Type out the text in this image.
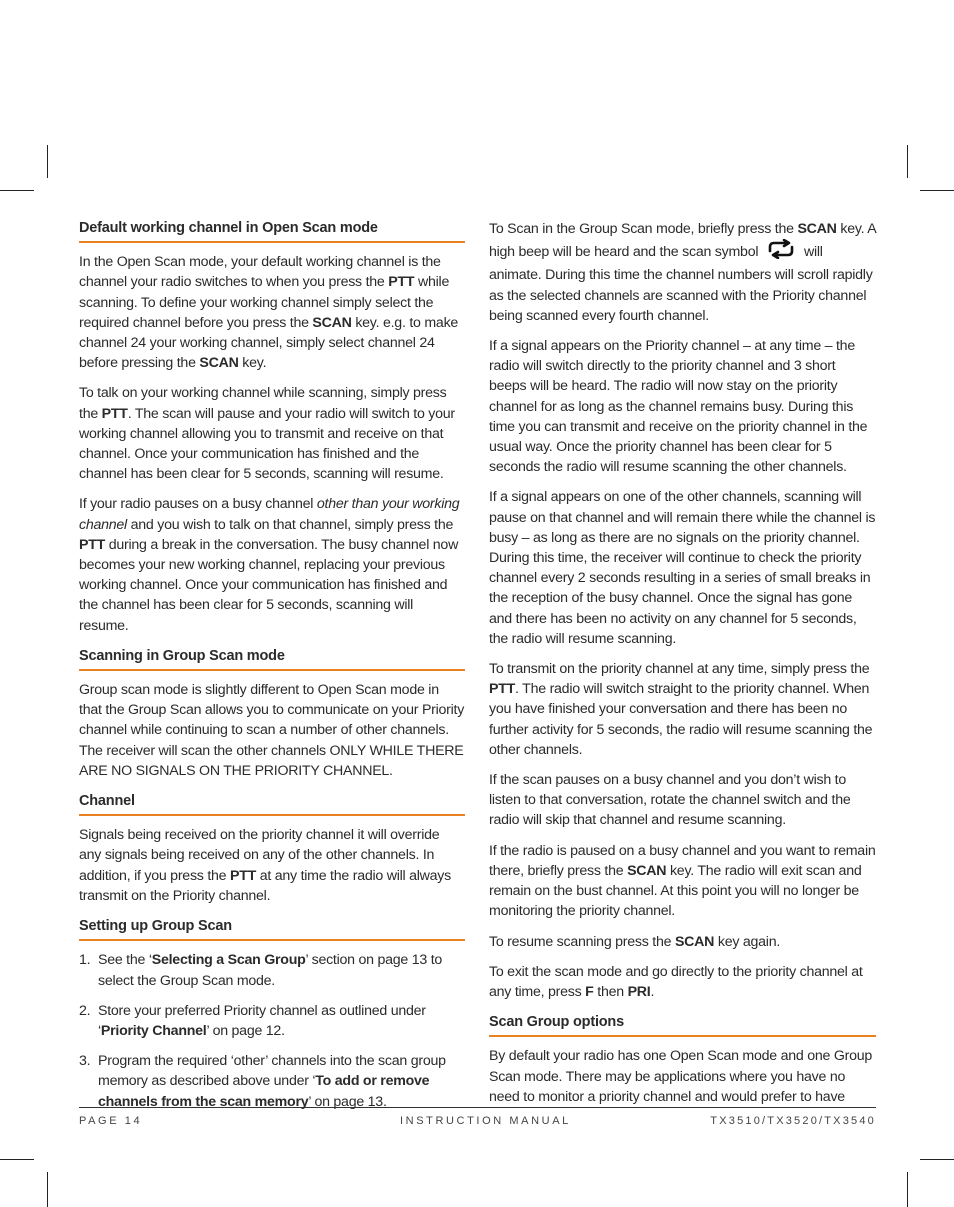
Default working channel in Open Scan mode

In the Open Scan mode, your default working channel is the channel your radio switches to when you press the PTT while scanning. To define your working channel simply select the required channel before you press the SCAN key. e.g. to make channel 24 your working channel, simply select channel 24 before pressing the SCAN key.

To talk on your working channel while scanning, simply press the PTT. The scan will pause and your radio will switch to your working channel allowing you to transmit and receive on that channel. Once your communication has finished and the channel has been clear for 5 seconds, scanning will resume.

If your radio pauses on a busy channel other than your working channel and you wish to talk on that channel, simply press the PTT during a break in the conversation. The busy channel now becomes your new working channel, replacing your previous working channel. Once your communication has finished and the channel has been clear for 5 seconds, scanning will resume.

Scanning in Group Scan mode

Group scan mode is slightly different to Open Scan mode in that the Group Scan allows you to communicate on your Priority channel while continuing to scan a number of other channels. The receiver will scan the other channels ONLY WHILE THERE ARE NO SIGNALS ON THE PRIORITY CHANNEL.

Channel

Signals being received on the priority channel it will override any signals being received on any of the other channels. In addition, if you press the PTT at any time the radio will always transmit on the Priority channel.

Setting up Group Scan
1. See the ‘Selecting a Scan Group’ section on page 13 to select the Group Scan mode.
2. Store your preferred Priority channel as outlined under ‘Priority Channel’ on page 12.
3. Program the required ‘other’ channels into the scan group memory as described above under ‘To add or remove channels from the scan memory’ on page 13.

To Scan in the Group Scan mode, briefly press the SCAN key. A high beep will be heard and the scan symbol	will animate. During this time the channel numbers will scroll rapidly as the selected channels are scanned with the Priority channel being scanned every fourth channel.

If a signal appears on the Priority channel – at any time – the radio will switch directly to the priority channel and 3 short beeps will be heard. The radio will now stay on the priority channel for as long as the channel remains busy. During this time you can transmit and receive on the priority channel in the usual way. Once the priority channel has been clear for 5 seconds the radio will resume scanning the other channels.

If a signal appears on one of the other channels, scanning will pause on that channel and will remain there while the channel is busy – as long as there are no signals on the priority channel. During this time, the receiver will continue to check the priority channel every 2 seconds resulting in a series of small breaks in the reception of the busy channel. Once the signal has gone and there has been no activity on any channel for 5 seconds, the radio will resume scanning.

To transmit on the priority channel at any time, simply press the PTT. The radio will switch straight to the priority channel. When you have finished your conversation and there has been no further activity for 5 seconds, the radio will resume scanning the other channels.

If the scan pauses on a busy channel and you don’t wish to listen to that conversation, rotate the channel switch and the radio will skip that channel and resume scanning.

If the radio is paused on a busy channel and you want to remain there, briefly press the SCAN key. The radio will exit scan and remain on the bust channel. At this point you will no longer be monitoring the priority channel.

To resume scanning press the SCAN key again.

To exit the scan mode and go directly to the priority channel at any time, press F then PRI.

Scan Group options

By default your radio has one Open Scan mode and one Group Scan mode. There may be applications where you have no need to monitor a priority channel and would prefer to have

PAGE 14	INSTRUCTION MANUAL	TX3510/TX3520/TX3540
